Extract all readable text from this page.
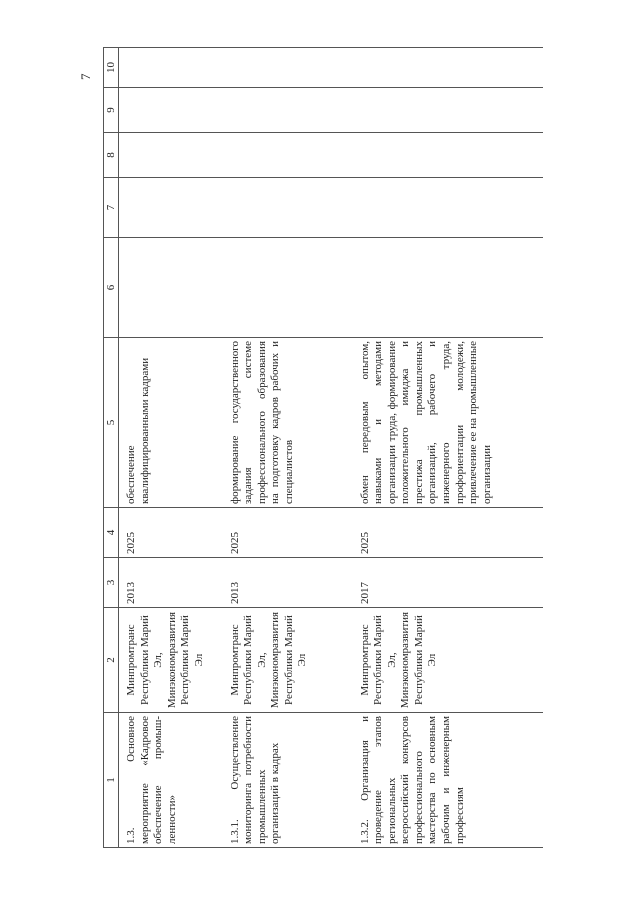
7
1	2	3	4	5	6	7	8	9	10
1.3. Основное мероприятие «Кадровое обеспечение промышленности»	Минпромтранс Республики Марий Эл, Минэкономразвития Республики Марий Эл	2013	2025	обеспечение квалифицированными кадрами					
1.3.1. Осуществление мониторинга потребности промышленных организаций в кадрах	Минпромтранс Республики Марий Эл, Минэкономразвития Республики Марий Эл	2013	2025	формирование государственного задания системе профессионального образования на подготовку кадров рабочих и специалистов					
1.3.2. Организация и проведение этапов региональных всероссийский конкурсов профессионального мастерства по основным рабочим и инженерным профессиям	Минпромтранс Республики Марий Эл, Минэкономразвития Республики Марий Эл	2017	2025	обмен передовым опытом, навыками и методами организации труда, формирование положительного имиджа и престижа промышленных организаций, рабочего и инженерного труда, профориентации молодежи, привлечение ее на промышленные организации					
